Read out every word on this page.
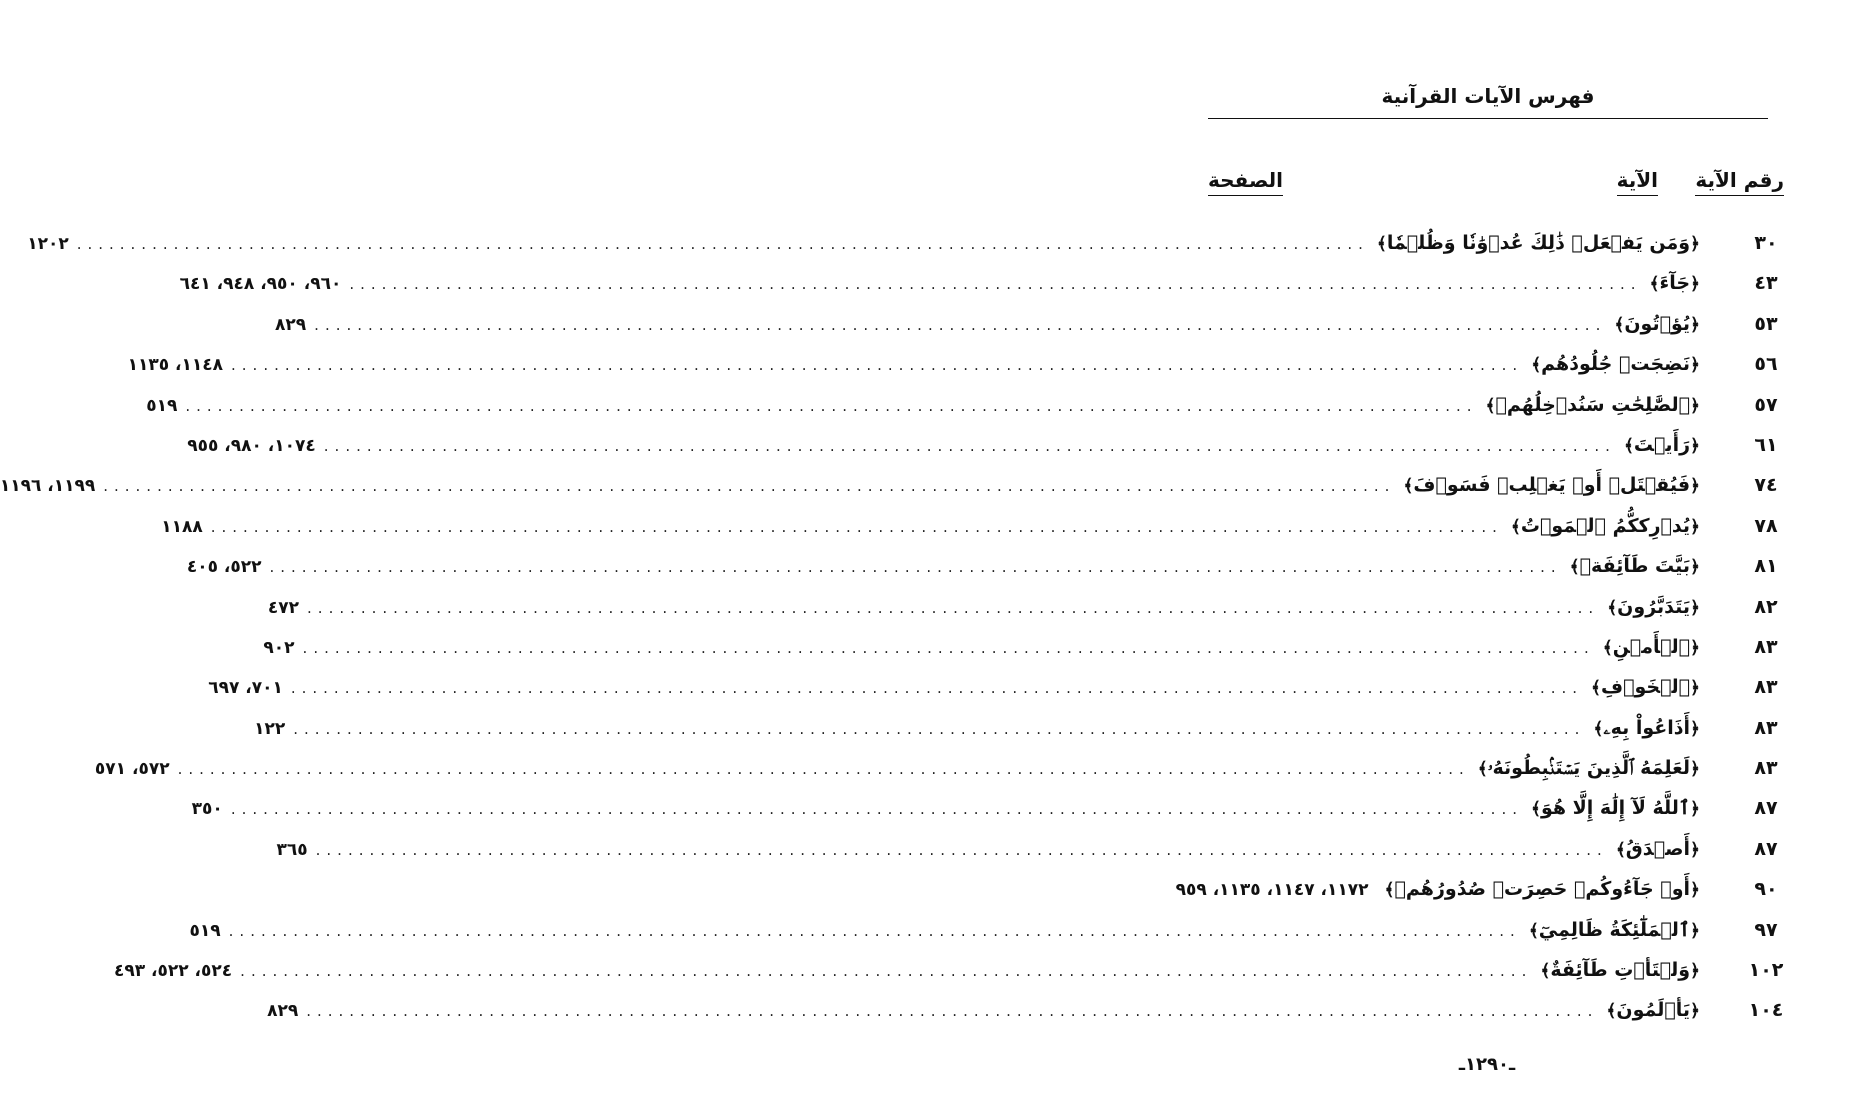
فهرس الآيات القرآنية
رقم الآية
الآية
الصفحة
٣٠
﴿وَمَن يَفۡعَلۡ ذَٰلِكَ عُدۡوَٰنٗا وَظُلۡمٗا﴾
........................................................................................................................
١٢٠٢
٤٣
﴿جَآءَ﴾
........................................................................................................................
٩٦٠، ٩٥٠، ٩٤٨، ٦٤١
٥٣
﴿يُؤۡتُونَ﴾
........................................................................................................................
٨٢٩
٥٦
﴿نَضِجَتۡ جُلُودُهُم﴾
........................................................................................................................
١١٤٨، ١١٣٥
٥٧
﴿ٱلصَّٰلِحَٰتِ سَنُدۡخِلُهُمۡ﴾
........................................................................................................................
٥١٩
٦١
﴿رَأَيۡتَ﴾
........................................................................................................................
١٠٧٤، ٩٨٠، ٩٥٥
٧٤
﴿فَيُقۡتَلۡ أَوۡ يَغۡلِبۡ فَسَوۡفَ﴾
........................................................................................................................
١١٩٩، ١١٩٦
٧٨
﴿يُدۡرِككُّمُ ٱلۡمَوۡتُ﴾
........................................................................................................................
١١٨٨
٨١
﴿بَيَّتَ طَآئِفَةٞ﴾
........................................................................................................................
٥٢٢، ٤٠٥
٨٢
﴿يَتَدَبَّرُونَ﴾
........................................................................................................................
٤٧٢
٨٣
﴿ٱلۡأَمۡنِ﴾
........................................................................................................................
٩٠٢
٨٣
﴿ٱلۡخَوۡفِ﴾
........................................................................................................................
٧٠١، ٦٩٧
٨٣
﴿أَذَاعُواْ بِهِۦ﴾
........................................................................................................................
١٢٢
٨٣
﴿لَعَلِمَهُ ٱلَّذِينَ يَسۡتَنۢبِطُونَهُۥ﴾
........................................................................................................................
٥٧٢، ٥٧١
٨٧
﴿ٱللَّهُ لَآ إِلَٰهَ إِلَّا هُوَ﴾
........................................................................................................................
٣٥٠
٨٧
﴿أَصۡدَقُ﴾
........................................................................................................................
٣٦٥
٩٠
﴿أَوۡ جَآءُوكُمۡ حَصِرَتۡ صُدُورُهُمۡ﴾
١١٧٢، ١١٤٧، ١١٣٥، ٩٥٩
٩٧
﴿ٱلۡمَلَٰٓئِكَةُ ظَالِمِيٓ﴾
........................................................................................................................
٥١٩
١٠٢
﴿وَلۡتَأۡتِ طَآئِفَةٌ﴾
........................................................................................................................
٥٢٤، ٥٢٢، ٤٩٣
١٠٤
﴿يَأۡلَمُونَ﴾
........................................................................................................................
٨٢٩
ـ١٢٩٠ـ
